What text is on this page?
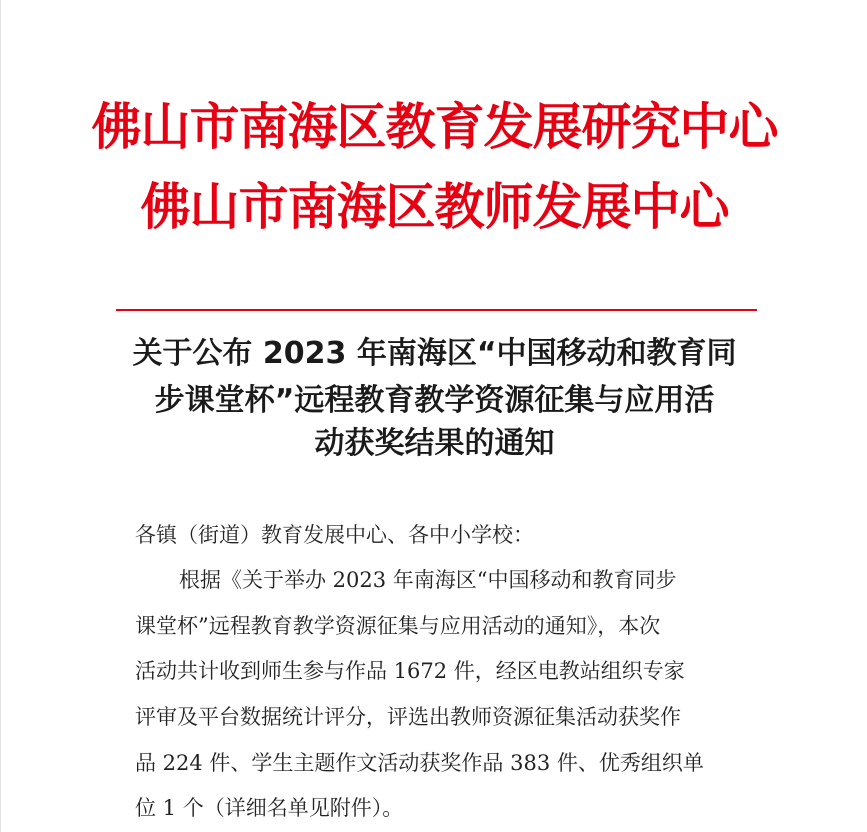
佛山市南海区教育发展研究中心
佛山市南海区教师发展中心
关于公布 2023 年南海区“中国移动和教育同
步课堂杯”远程教育教学资源征集与应用活
动获奖结果的通知
各镇（街道）教育发展中心、各中小学校：
根据《关于举办 2023 年南海区“中国移动和教育同步
课堂杯”远程教育教学资源征集与应用活动的通知》，本次
活动共计收到师生参与作品 1672 件，经区电教站组织专家
评审及平台数据统计评分，评选出教师资源征集活动获奖作
品 224 件、学生主题作文活动获奖作品 383 件、优秀组织单
位 1 个（详细名单见附件）。
